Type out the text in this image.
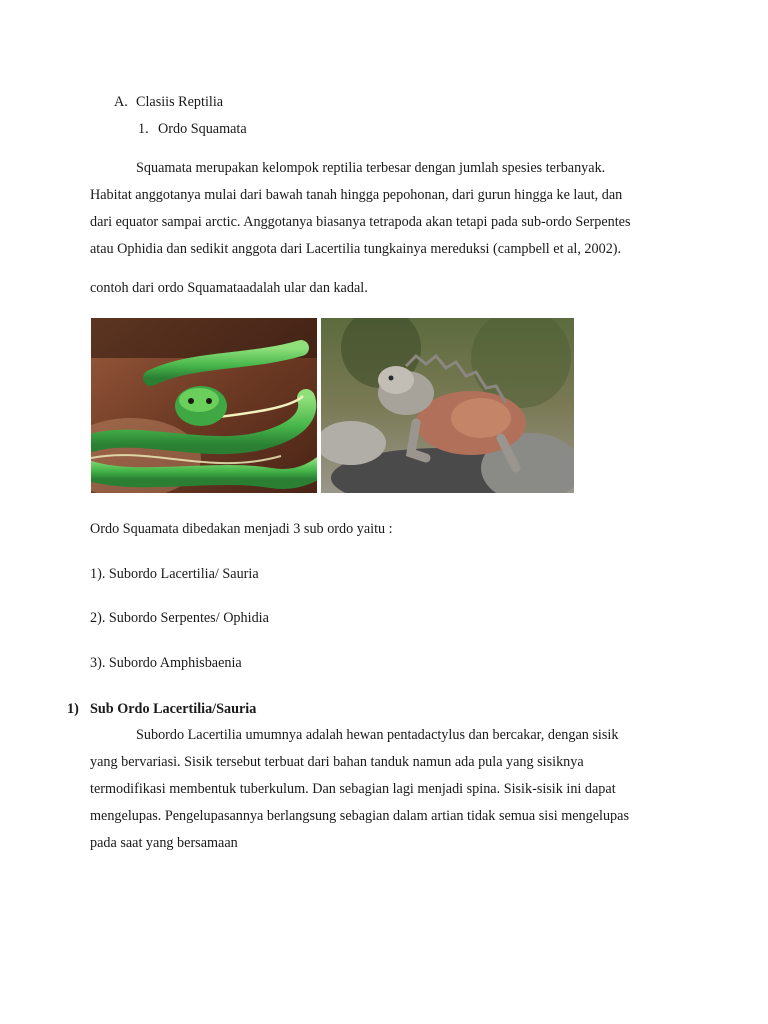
A. Clasiis Reptilia
1. Ordo Squamata
Squamata merupakan kelompok reptilia terbesar dengan jumlah spesies terbanyak.
Habitat anggotanya mulai dari bawah tanah hingga pepohonan, dari gurun hingga ke laut, dan
dari equator sampai arctic. Anggotanya biasanya tetrapoda akan tetapi pada sub-ordo Serpentes
atau Ophidia dan sedikit anggota dari Lacertilia tungkainya mereduksi (campbell et al, 2002).
contoh dari ordo Squamataadalah ular dan kadal.
Ordo Squamata dibedakan menjadi 3 sub ordo yaitu :
1). Subordo Lacertilia/ Sauria
2). Subordo Serpentes/ Ophidia
3). Subordo Amphisbaenia
1) Sub Ordo Lacertilia/Sauria
Subordo Lacertilia umumnya adalah hewan pentadactylus dan bercakar, dengan sisik
yang bervariasi. Sisik tersebut terbuat dari bahan tanduk namun ada pula yang sisiknya
termodifikasi membentuk tuberkulum. Dan sebagian lagi menjadi spina. Sisik-sisik ini dapat
mengelupas. Pengelupasannya berlangsung sebagian dalam artian tidak semua sisi mengelupas
pada saat yang bersamaan
